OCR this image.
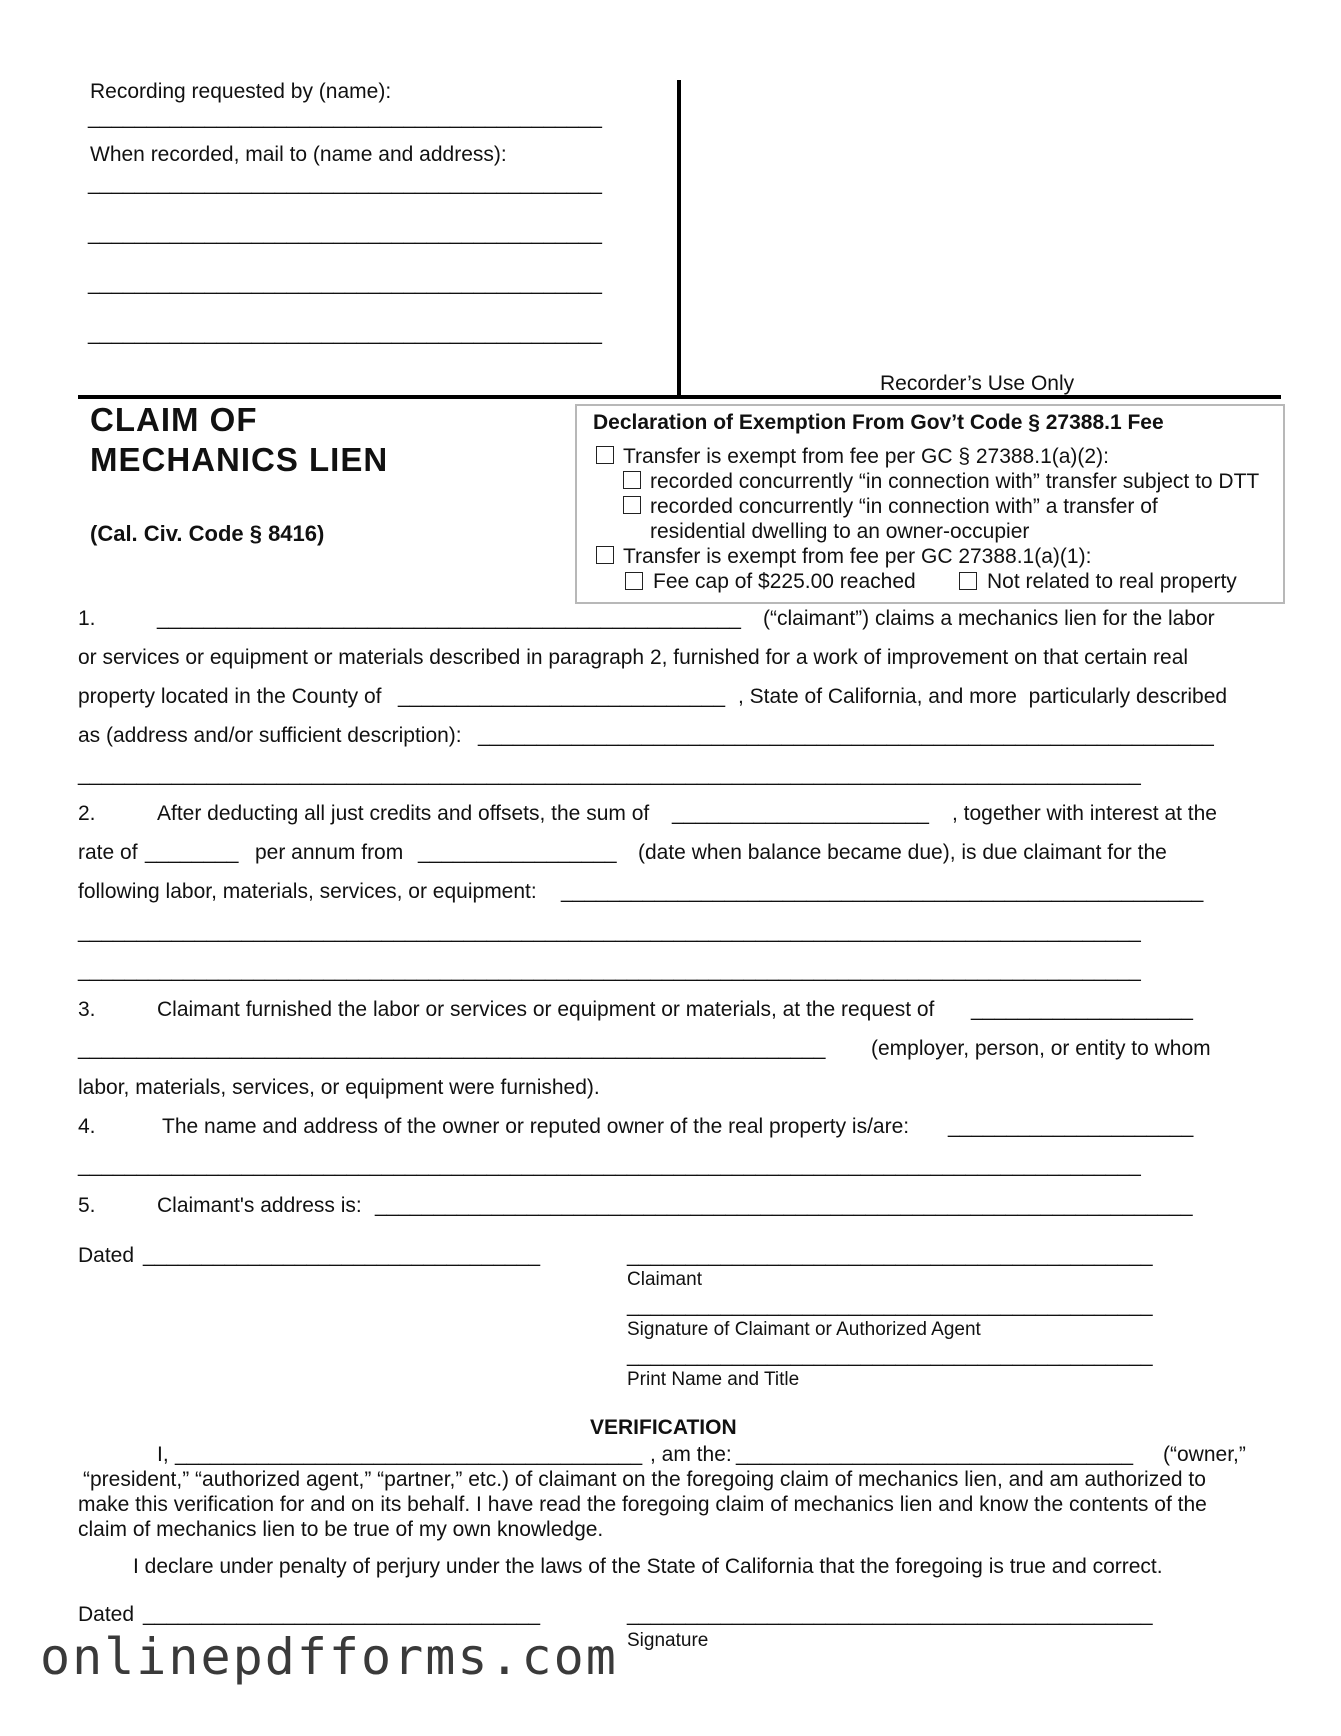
Recording requested by (name):
____________________________________________
When recorded, mail to (name and address):
____________________________________________
____________________________________________
____________________________________________
____________________________________________
Recorder’s Use Only
CLAIM OF
MECHANICS LIEN
(Cal. Civ. Code § 8416)
Declaration of Exemption From Gov’t Code § 27388.1 Fee
Transfer is exempt from fee per GC § 27388.1(a)(2):
recorded concurrently “in connection with” transfer subject to DTT
recorded concurrently “in connection with” a transfer of
residential dwelling to an owner-occupier
Transfer is exempt from fee per GC 27388.1(a)(1):
Fee cap of $225.00 reached	Not related to real property
1.	__________________________________________________ (“claimant”) claims a mechanics lien for the labor
or services or equipment or materials described in paragraph 2, furnished for a work of improvement on that certain real
property located in the County of ____________________________ , State of California, and more  particularly described
as (address and/or sufficient description): _______________________________________________________________
___________________________________________________________________________________________
2.	After deducting all just credits and offsets, the sum of ______________________ , together with interest at the
rate of ________ per annum from _________________ (date when balance became due), is due claimant for the
following labor, materials, services, or equipment: _______________________________________________________
___________________________________________________________________________________________
___________________________________________________________________________________________
3.	Claimant furnished the labor or services or equipment or materials, at the request of ___________________
________________________________________________________________ (employer, person, or entity to whom
labor, materials, services, or equipment were furnished).
4.	The name and address of the owner or reputed owner of the real property is/are: _____________________
___________________________________________________________________________________________
5.	Claimant's address is: ______________________________________________________________________
Dated __________________________________	_____________________________________________
Claimant
_____________________________________________
Signature of Claimant or Authorized Agent
_____________________________________________
Print Name and Title
VERIFICATION
I, ________________________________________ , am the: __________________________________ (“owner,”
“president,” “authorized agent,” “partner,” etc.) of claimant on the foregoing claim of mechanics lien, and am authorized to
make this verification for and on its behalf. I have read the foregoing claim of mechanics lien and know the contents of the
claim of mechanics lien to be true of my own knowledge.
I declare under penalty of perjury under the laws of the State of California that the foregoing is true and correct.
Dated __________________________________	_____________________________________________
Signature
onlinepdfforms.com
